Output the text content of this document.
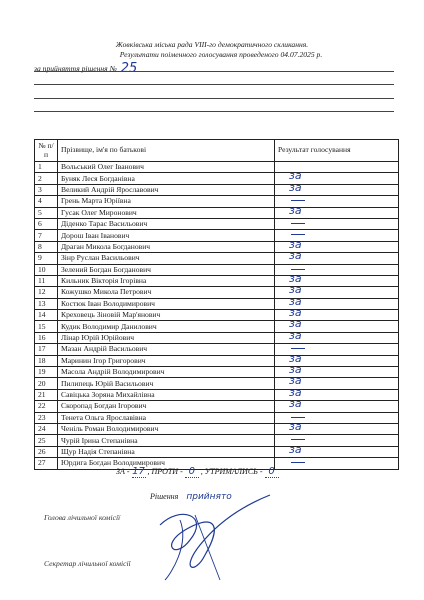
Жовківська міська рада VIII-го демократичного скликання.
Результати поіменного голосування проведеного 04.07.2025 р.
за прийняття рішення № 25
№ п/п	Прізвище, ім'я по батькові	Результат голосування
1	Вольський Олег Іванович	
2	Буняк Леся Богданівна	за

3	Великий Андрій Ярославович	за

4	Грень Марта Юріївна	

5	Гусак Олег Миронович	за

6	Діденко Тарас Васильович	

7	Дорош Іван Іванович	

8	Драган Микола Богданович	за

9	Зінр Руслан Васильович	за

10	Зелений Богдан Богданович	

11	Кильник Вікторія Ігорівна	за

12	Кожушко Микола Петрович	за

13	Костюк Іван Володимирович	за

14	Креховець Зіновій Мар'янович	за

15	Кудик Володимир Данилович	за

16	Лінар Юрій Юрійович	за

17	Мазан Андрій Васильович	

18	Маринин Ігор Григорович	за

19	Масола Андрій Володимирович	за

20	Пилипець Юрій Васильович	за

21	Савіцька Зоряна Михайлівна	за

22	Скоропад Богдан Ігорович	за

23	Тенета Ольга Ярославівна	

24	Ченіль Роман Володимирович	за

25	Чурій Ірина Степанівна	

26	Щур Надія Степанівна	за

27	Юрдига Богдан Володимирович	
ЗА - 17 , ПРОТИ - 0 , УТРИМАЛИСЬ - 0
Рішення прийнято
Голова лічильної комісії
Секретар лічильної комісії
